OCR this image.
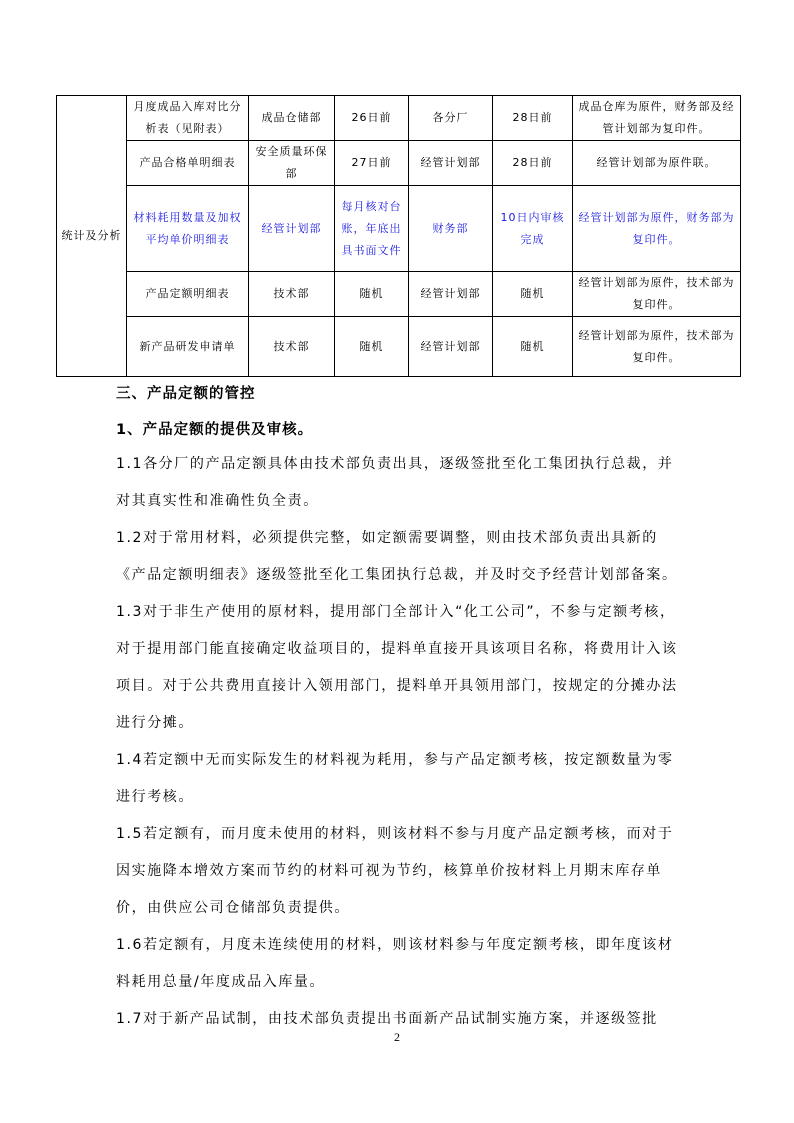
统计及分析	月度成品入库对比分析表（见附表）	成品仓储部	26日前	各分厂	28日前	成品仓库为原件，财务部及经管计划部为复印件。
	产品合格单明细表	安全质量环保部	27日前	经管计划部	28日前	经管计划部为原件联。
	材料耗用数量及加权平均单价明细表	经管计划部	每月核对台账，年底出具书面文件	财务部	10日内审核完成	经管计划部为原件，财务部为复印件。
	产品定额明细表	技术部	随机	经管计划部	随机	经管计划部为原件，技术部为复印件。
	新产品研发申请单	技术部	随机	经管计划部	随机	经管计划部为原件，技术部为复印件。
三、产品定额的管控
1、产品定额的提供及审核。

1.1各分厂的产品定额具体由技术部负责出具，逐级签批至化工集团执行总裁，并对其真实性和准确性负全责。

1.2对于常用材料，必须提供完整，如定额需要调整，则由技术部负责出具新的《产品定额明细表》逐级签批至化工集团执行总裁，并及时交予经营计划部备案。

1.3对于非生产使用的原材料，提用部门全部计入“化工公司”，不参与定额考核，对于提用部门能直接确定收益项目的，提料单直接开具该项目名称，将费用计入该项目。对于公共费用直接计入领用部门，提料单开具领用部门，按规定的分摊办法进行分摊。

1.4若定额中无而实际发生的材料视为耗用，参与产品定额考核，按定额数量为零进行考核。

1.5若定额有，而月度未使用的材料，则该材料不参与月度产品定额考核，而对于因实施降本增效方案而节约的材料可视为节约，核算单价按材料上月期末库存单价，由供应公司仓储部负责提供。

1.6若定额有，月度未连续使用的材料，则该材料参与年度定额考核，即年度该材料耗用总量/年度成品入库量。

1.7对于新产品试制，由技术部负责提出书面新产品试制实施方案，并逐级签批

2
